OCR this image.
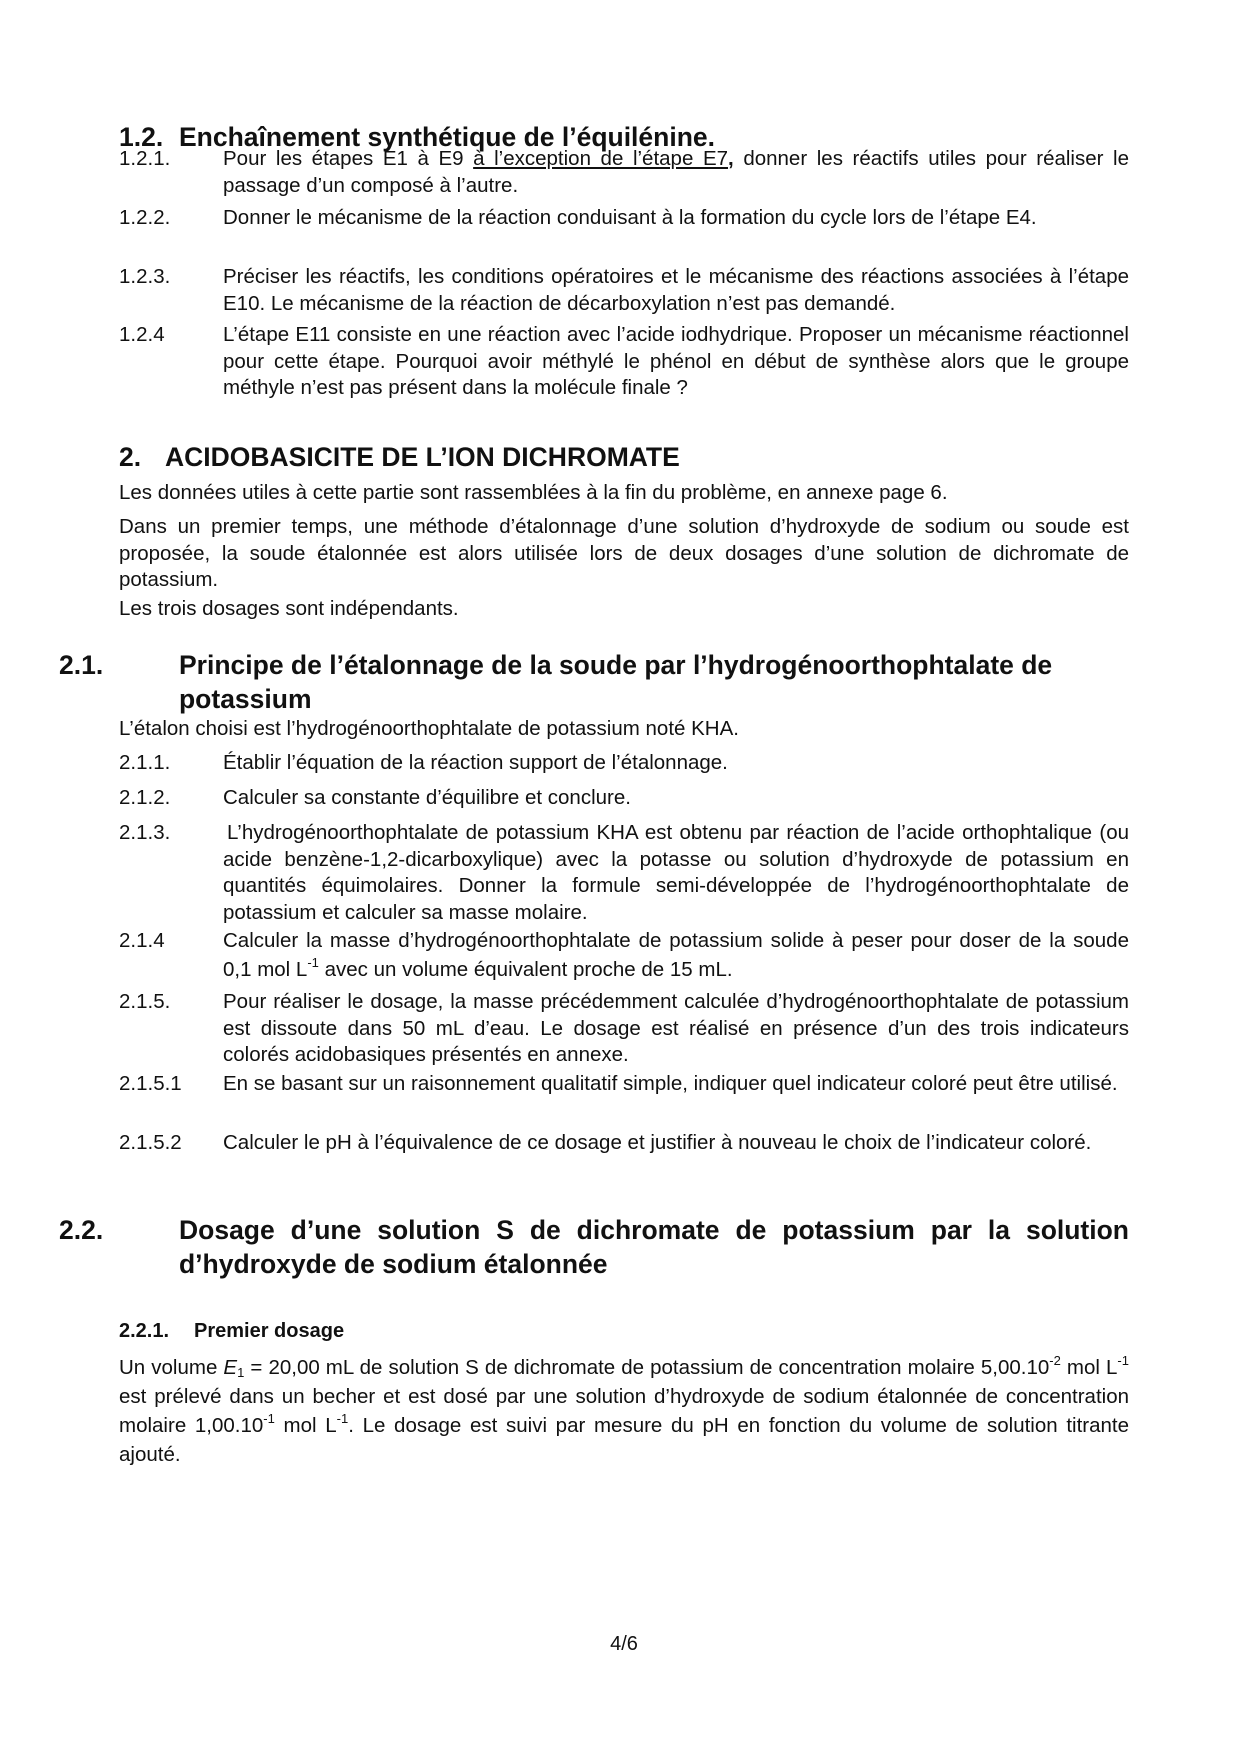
1.2. Enchaînement synthétique de l’équilénine.
1.2.1.	Pour les étapes E1 à E9 à l’exception de l’étape E7, donner les réactifs utiles pour réaliser le passage d’un composé à l’autre.
1.2.2.	Donner le mécanisme de la réaction conduisant à la formation du cycle lors de l’étape E4.
1.2.3.	Préciser les réactifs, les conditions opératoires et le mécanisme des réactions associées à l’étape E10. Le mécanisme de la réaction de décarboxylation n’est pas demandé.
1.2.4	L’étape E11 consiste en une réaction avec l’acide iodhydrique. Proposer un mécanisme réactionnel pour cette étape. Pourquoi avoir méthylé le phénol en début de synthèse alors que le groupe méthyle n’est pas présent dans la molécule finale ?
2. ACIDOBASICITE DE L’ION DICHROMATE
Les données utiles à cette partie sont rassemblées à la fin du problème, en annexe page 6.
Dans un premier temps, une méthode d’étalonnage d’une solution d’hydroxyde de sodium ou soude est proposée, la soude étalonnée est alors utilisée lors de deux dosages d’une solution de dichromate de potassium.
Les trois dosages sont indépendants.
2.1.	Principe de l’étalonnage de la soude par l’hydrogénoorthophtalate de potassium
L’étalon choisi est l’hydrogénoorthophtalate de potassium noté KHA.
2.1.1.	Établir l’équation de la réaction support de l’étalonnage.
2.1.2.	Calculer sa constante d’équilibre et conclure.
2.1.3.	L’hydrogénoorthophtalate de potassium KHA est obtenu par réaction de l’acide orthophtalique (ou acide benzène-1,2-dicarboxylique) avec la potasse ou solution d’hydroxyde de potassium en quantités équimolaires. Donner la formule semi-développée de l’hydrogénoorthophtalate de potassium et calculer sa masse molaire.
2.1.4	Calculer la masse d’hydrogénoorthophtalate de potassium solide à peser pour doser de la soude 0,1 mol $L^{-1}$ avec un volume équivalent proche de 15 mL.
2.1.5.	Pour réaliser le dosage, la masse précédemment calculée d’hydrogénoorthophtalate de potassium est dissoute dans 50 mL d’eau. Le dosage est réalisé en présence d’un des trois indicateurs colorés acidobasiques présentés en annexe.
2.1.5.1 En se basant sur un raisonnement qualitatif simple, indiquer quel indicateur coloré peut être utilisé.
2.1.5.2 Calculer le pH à l’équivalence de ce dosage et justifier à nouveau le choix de l’indicateur coloré.
2.2.	Dosage d’une solution S de dichromate de potassium par la solution d’hydroxyde de sodium étalonnée
2.2.1. Premier dosage
Un volume $E_1 = 20,00$ mL de solution S de dichromate de potassium de concentration molaire $5,00.10^{-2}$ mol $L^{-1}$ est prélevé dans un becher et est dosé par une solution d’hydroxyde de sodium étalonnée de concentration molaire $1,00.10^{-1}$ mol $L^{-1}$. Le dosage est suivi par mesure du pH en fonction du volume de solution titrante ajouté.
4/6
